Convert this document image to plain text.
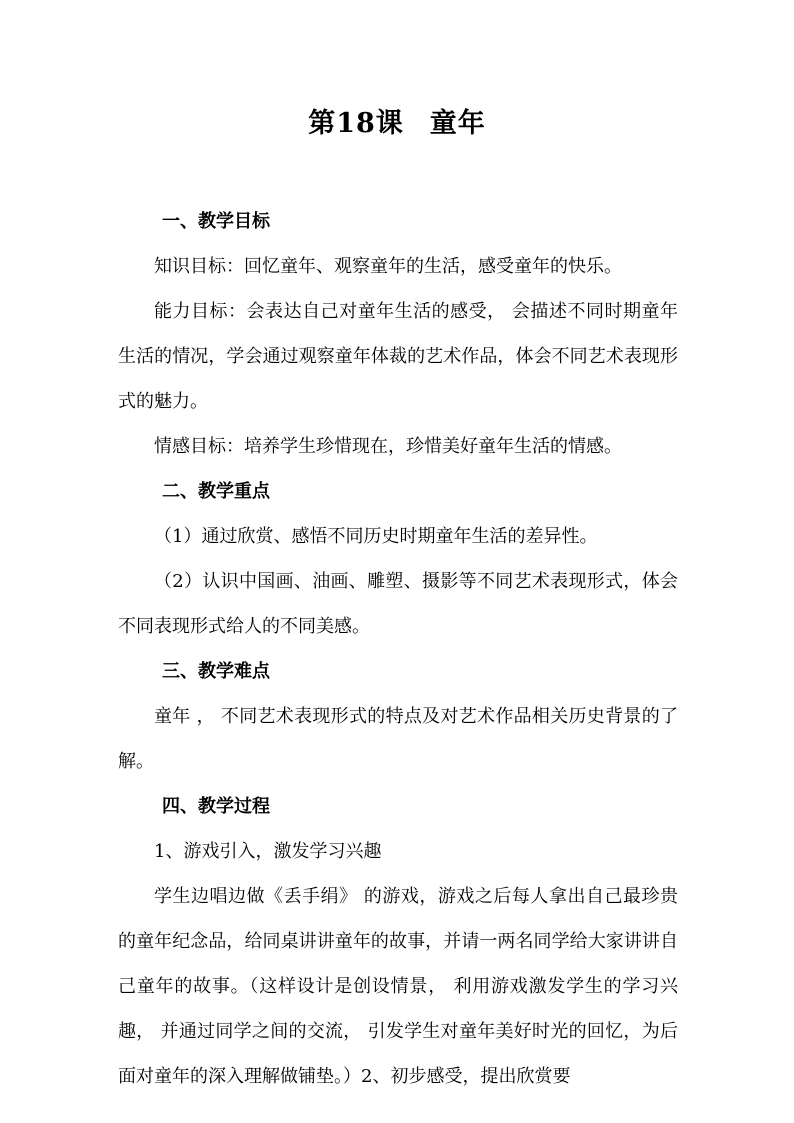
第18课 童年

一、教学目标

知识目标：回忆童年、观察童年的生活，感受童年的快乐。

能力目标：会表达自己对童年生活的感受， 会描述不同时期童年生活的情况，学会通过观察童年体裁的艺术作品，体会不同艺术表现形式的魅力。

情感目标：培养学生珍惜现在，珍惜美好童年生活的情感。

二、教学重点

（1）通过欣赏、感悟不同历史时期童年生活的差异性。

（2）认识中国画、油画、雕塑、摄影等不同艺术表现形式，体会不同表现形式给人的不同美感。

三、教学难点

童年 ， 不同艺术表现形式的特点及对艺术作品相关历史背景的了解。

四、教学过程

1、游戏引入，激发学习兴趣

学生边唱边做《丢手绢》 的游戏，游戏之后每人拿出自己最珍贵的童年纪念品，给同桌讲讲童年的故事，并请一两名同学给大家讲讲自己童年的故事。（这样设计是创设情景， 利用游戏激发学生的学习兴趣， 并通过同学之间的交流， 引发学生对童年美好时光的回忆，为后面对童年的深入理解做铺垫。）2、初步感受，提出欣赏要
